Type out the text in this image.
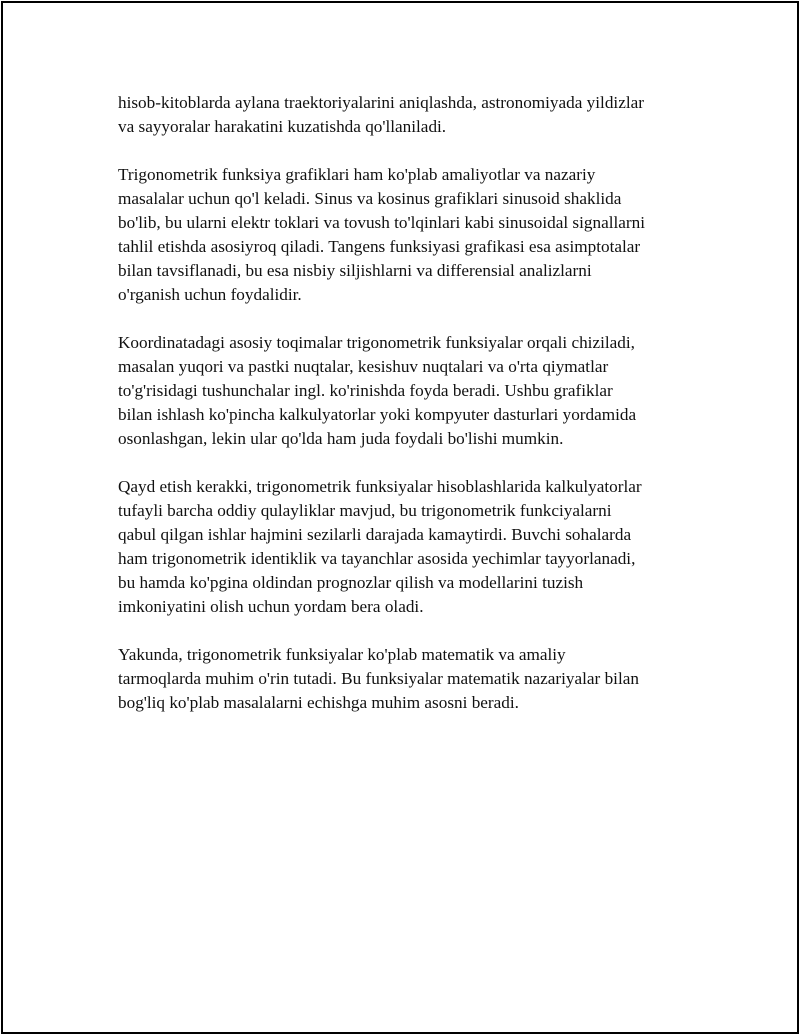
hisob-kitoblarda aylana traektoriyalarini aniqlashda, astronomiyada yildizlar
va sayyoralar harakatini kuzatishda qo'llaniladi.

Trigonometrik funksiya grafiklari ham ko'plab amaliyotlar va nazariy
masalalar uchun qo'l keladi. Sinus va kosinus grafiklari sinusoid shaklida
bo'lib, bu ularni elektr toklari va tovush to'lqinlari kabi sinusoidal signallarni
tahlil etishda asosiyroq qiladi. Tangens funksiyasi grafikasi esa asimptotalar
bilan tavsiflanadi, bu esa nisbiy siljishlarni va differensial analizlarni
o'rganish uchun foydalidir.

Koordinatadagi asosiy toqimalar trigonometrik funksiyalar orqali chiziladi,
masalan yuqori va pastki nuqtalar, kesishuv nuqtalari va o'rta qiymatlar
to'g'risidagi tushunchalar ingl. ko'rinishda foyda beradi. Ushbu grafiklar
bilan ishlash ko'pincha kalkulyatorlar yoki kompyuter dasturlari yordamida
osonlashgan, lekin ular qo'lda ham juda foydali bo'lishi mumkin.

Qayd etish kerakki, trigonometrik funksiyalar hisoblashlarida kalkulyatorlar
tufayli barcha oddiy qulayliklar mavjud, bu trigonometrik funkciyalarni
qabul qilgan ishlar hajmini sezilarli darajada kamaytirdi. Buvchi sohalarda
ham trigonometrik identiklik va tayanchlar asosida yechimlar tayyorlanadi,
bu hamda ko'pgina oldindan prognozlar qilish va modellarini tuzish
imkoniyatini olish uchun yordam bera oladi.

Yakunda, trigonometrik funksiyalar ko'plab matematik va amaliy
tarmoqlarda muhim o'rin tutadi. Bu funksiyalar matematik nazariyalar bilan
bog'liq ko'plab masalalarni echishga muhim asosni beradi.
